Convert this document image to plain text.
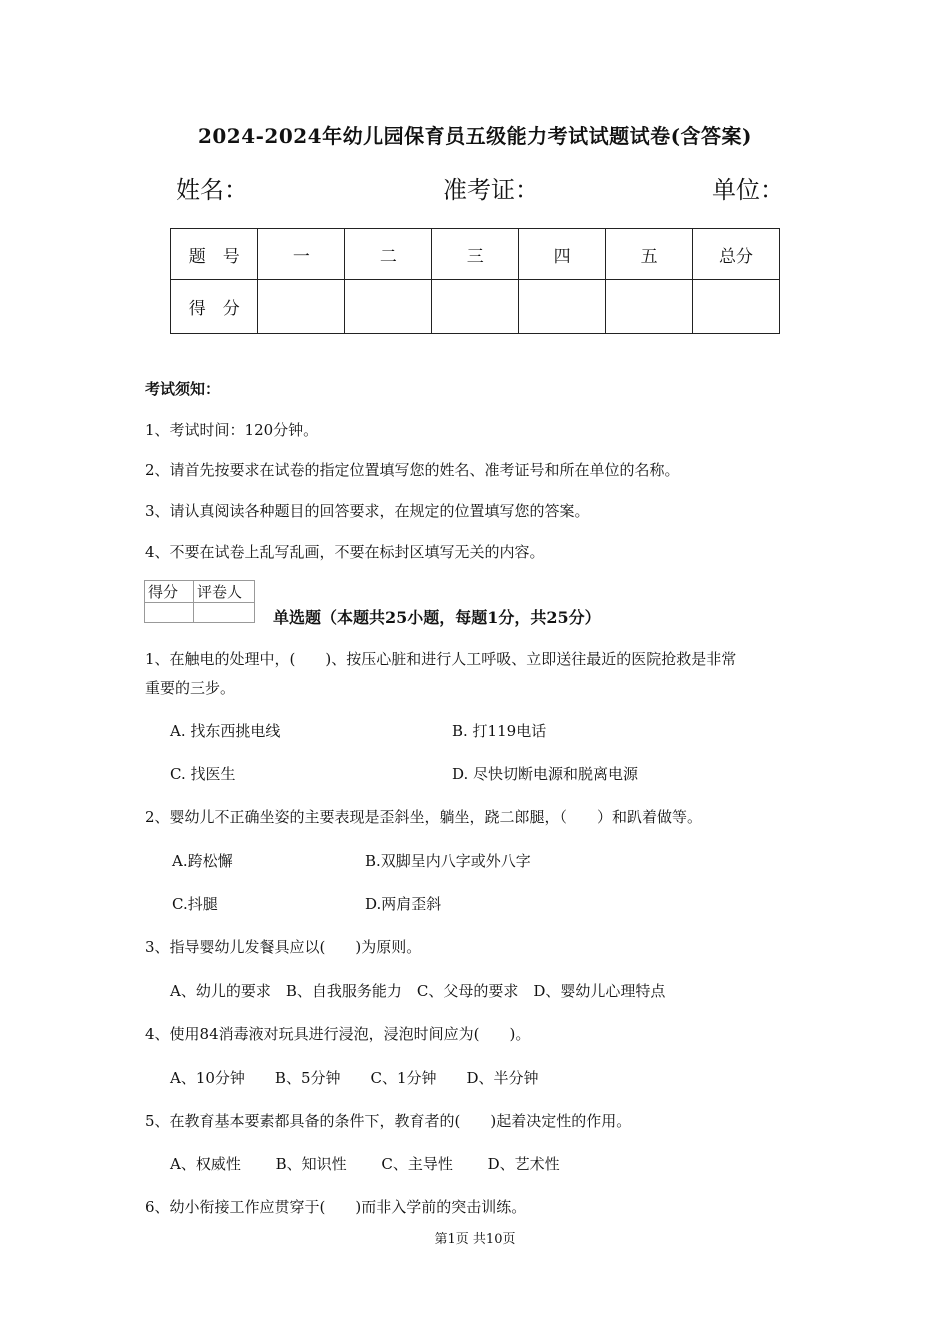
2024-2024年幼儿园保育员五级能力考试试题试卷(含答案)
姓名：	准考证：	单位：
题　号	一	二	三	四	五	总分
得　分						
考试须知：
1、考试时间：120分钟。
2、请首先按要求在试卷的指定位置填写您的姓名、准考证号和所在单位的名称。
3、请认真阅读各种题目的回答要求，在规定的位置填写您的答案。
4、不要在试卷上乱写乱画，不要在标封区填写无关的内容。
得分	评卷人

单选题（本题共25小题，每题1分，共25分）
1、在触电的处理中，(　　)、按压心脏和进行人工呼吸、立即送往最近的医院抢救是非常
重要的三步。
A. 找东西挑电线	B. 打119电话
C. 找医生	D. 尽快切断电源和脱离电源
2、婴幼儿不正确坐姿的主要表现是歪斜坐，躺坐，跷二郎腿，（　　）和趴着做等。
A.跨松懈	B.双脚呈内八字或外八字
C.抖腿	D.两肩歪斜
3、指导婴幼儿发餐具应以(　　)为原则。
A、幼儿的要求　B、自我服务能力　C、父母的要求　D、婴幼儿心理特点
4、使用84消毒液对玩具进行浸泡，浸泡时间应为(　　)。
A、10分钟　　B、5分钟　　C、1分钟　　D、半分钟
5、在教育基本要素都具备的条件下，教育者的(　　)起着决定性的作用。
A、权威性　　 B、知识性　　 C、主导性　　 D、艺术性
6、幼小衔接工作应贯穿于(　　)而非入学前的突击训练。
第1页 共10页
